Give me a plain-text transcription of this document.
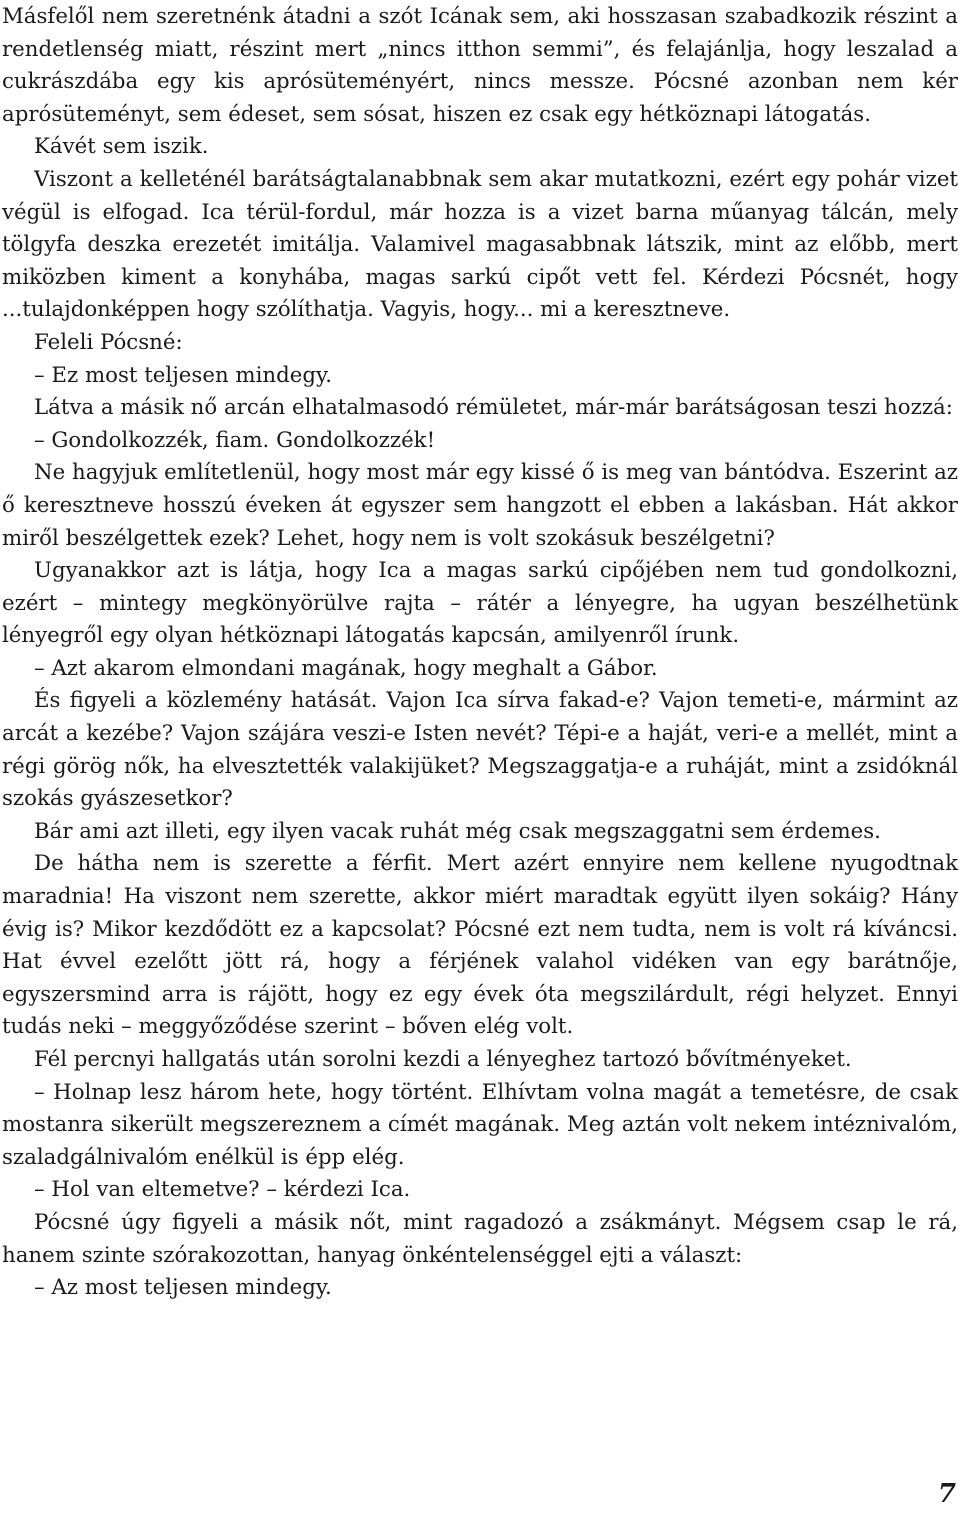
Másfelől nem szeretnénk átadni a szót Icának sem, aki hosszasan szabadkozik részint a rendetlenség miatt, részint mert „nincs itthon semmi”, és felajánlja, hogy leszalad a cukrászdába egy kis aprósüteményért, nincs messze. Pócsné azonban nem kér aprósüteményt, sem édeset, sem sósat, hiszen ez csak egy hétköznapi látogatás.

Kávét sem iszik.

Viszont a kelleténél barátságtalanabbnak sem akar mutatkozni, ezért egy pohár vizet végül is elfogad. Ica térül-fordul, már hozza is a vizet barna műanyag tálcán, mely tölgyfa deszka erezetét imitálja. Valamivel magasabbnak látszik, mint az előbb, mert miközben kiment a konyhába, magas sarkú cipőt vett fel. Kérdezi Pócsnét, hogy ...tulajdonképpen hogy szólíthatja. Vagyis, hogy... mi a keresztneve.

Feleli Pócsné:

– Ez most teljesen mindegy.

Látva a másik nő arcán elhatalmasodó rémületet, már-már barátságosan teszi hozzá:

– Gondolkozzék, fiam. Gondolkozzék!

Ne hagyjuk említetlenül, hogy most már egy kissé ő is meg van bántódva. Eszerint az ő keresztneve hosszú éveken át egyszer sem hangzott el ebben a lakásban. Hát akkor miről beszélgettek ezek? Lehet, hogy nem is volt szokásuk beszélgetni?

Ugyanakkor azt is látja, hogy Ica a magas sarkú cipőjében nem tud gondolkozni, ezért – mintegy megkönyörülve rajta – rátér a lényegre, ha ugyan beszélhetünk lényegről egy olyan hétköznapi látogatás kapcsán, amilyenről írunk.

– Azt akarom elmondani magának, hogy meghalt a Gábor.

És figyeli a közlemény hatását. Vajon Ica sírva fakad-e? Vajon temeti-e, mármint az arcát a kezébe? Vajon szájára veszi-e Isten nevét? Tépi-e a haját, veri-e a mellét, mint a régi görög nők, ha elvesztették valakijüket? Megszaggatja-e a ruháját, mint a zsidóknál szokás gyászesetkor?

Bár ami azt illeti, egy ilyen vacak ruhát még csak megszaggatni sem érdemes.

De hátha nem is szerette a férfit. Mert azért ennyire nem kellene nyugodtnak maradnia! Ha viszont nem szerette, akkor miért maradtak együtt ilyen sokáig? Hány évig is? Mikor kezdődött ez a kapcsolat? Pócsné ezt nem tudta, nem is volt rá kíváncsi. Hat évvel ezelőtt jött rá, hogy a férjének valahol vidéken van egy barátnője, egyszersmind arra is rájött, hogy ez egy évek óta megszilárdult, régi helyzet. Ennyi tudás neki – meggyőződése szerint – bőven elég volt.

Fél percnyi hallgatás után sorolni kezdi a lényeghez tartozó bővítményeket.

– Holnap lesz három hete, hogy történt. Elhívtam volna magát a temetésre, de csak mostanra sikerült megszereznem a címét magának. Meg aztán volt nekem intéznivalóm, szaladgálnivalóm enélkül is épp elég.

– Hol van eltemetve? – kérdezi Ica.

Pócsné úgy figyeli a másik nőt, mint ragadozó a zsákmányt. Mégsem csap le rá, hanem szinte szórakozottan, hanyag önkéntelenséggel ejti a választ:

– Az most teljesen mindegy.

7
